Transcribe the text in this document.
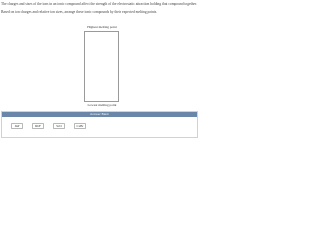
The charges and sizes of the ions in an ionic compound affect the strength of the electrostatic attraction holding that compound together.

Based on ion charges and relative ion sizes, arrange these ionic compounds by their expected melting points.

Highest melting point
Lowest melting point
Answer Bank
InP	RbF	SrO	CsBr
